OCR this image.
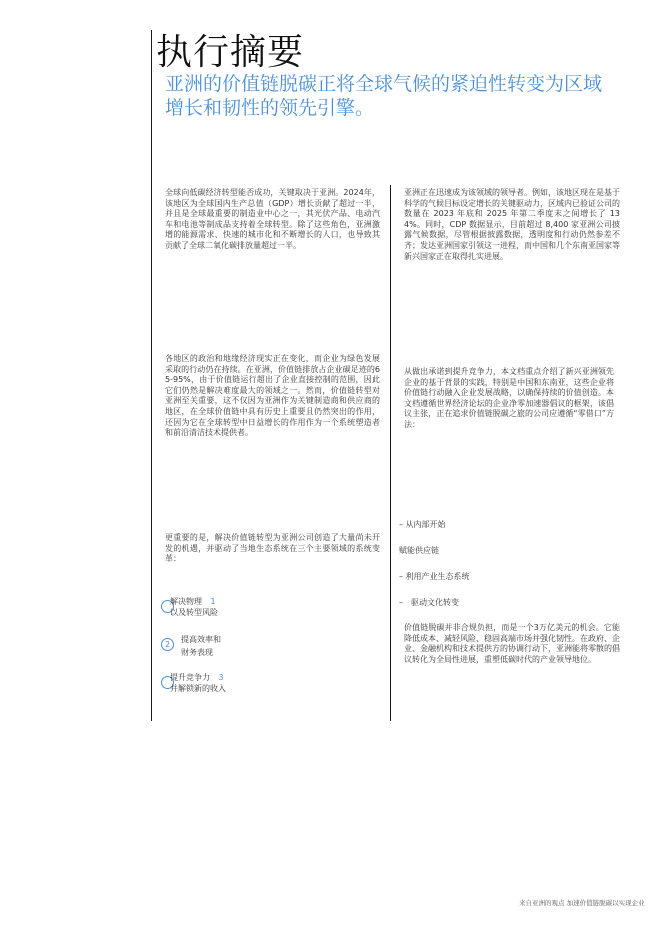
执行摘要
亚洲的价值链脱碳正将全球气候的紧迫性转变为区域增长和韧性的领先引擎。

全球向低碳经济转型能否成功，关键取决于亚洲。2024年，该地区为全球国内生产总值（GDP）增长贡献了超过一半，并且是全球最重要的制造业中心之一，其光伏产品、电动汽车和电池等制成品支持着全球转型。除了这些角色，亚洲激增的能源需求、快速的城市化和不断增长的人口，也导致其贡献了全球二氧化碳排放量超过一半。

各地区的政治和地缘经济现实正在变化，而企业为绿色发展采取的行动仍在持续。在亚洲，价值链排放占企业碳足迹的65-95%，由于价值链运行超出了企业直接控制的范围，因此它们仍然是解决难度最大的领域之一。然而，价值链转型对亚洲至关重要，这不仅因为亚洲作为关键制造商和供应商的地区，在全球价值链中具有历史上重要且仍然突出的作用，还因为它在全球转型中日益增长的作用作为一个系统塑造者和前沿清洁技术提供者。

更重要的是，解决价值链转型为亚洲公司创造了大量尚未开发的机遇，并驱动了当地生态系统在三个主要领域的系统变革：

解决物理 1

以及转型风险

2

提高效率和

财务表现

提升竞争力 3

并解锁新的收入

亚洲正在迅速成为该领域的领导者。例如，该地区现在是基于科学的气候目标设定增长的关键驱动力，区域内已验证公司的数量在 2023 年底和 2025 年第二季度末之间增长了 134%。同时，CDP 数据显示，目前超过 8,400 家亚洲公司披露气候数据，尽管根据披露数据，透明度和行动仍然参差不齐；发达亚洲国家引领这一进程，而中国和几个东南亚国家等新兴国家正在取得扎实进展。

从做出承诺到提升竞争力，本文档重点介绍了新兴亚洲领先企业的基于背景的实践，特别是中国和东南亚，这些企业将价值链行动融入企业发展战略，以确保持续的价值创造。本文档遵循世界经济论坛的企业净零加速器倡议的框架，该倡议主张，正在追求价值链脱碳之旅的公司应遵循“零借口”方法：

– 从内部开始

赋能供应链

– 利用产业生态系统

–　驱动文化转变

价值链脱碳并非合规负担，而是一个3万亿美元的机会。它能降低成本、减轻风险、稳固高端市场并强化韧性。在政府、企业、金融机构和技术提供方的协调行动下，亚洲能将零散的倡议转化为全局性进展，重塑低碳时代的产业领导地位。

来自亚洲的观点 加速价值链脱碳以实现企业
